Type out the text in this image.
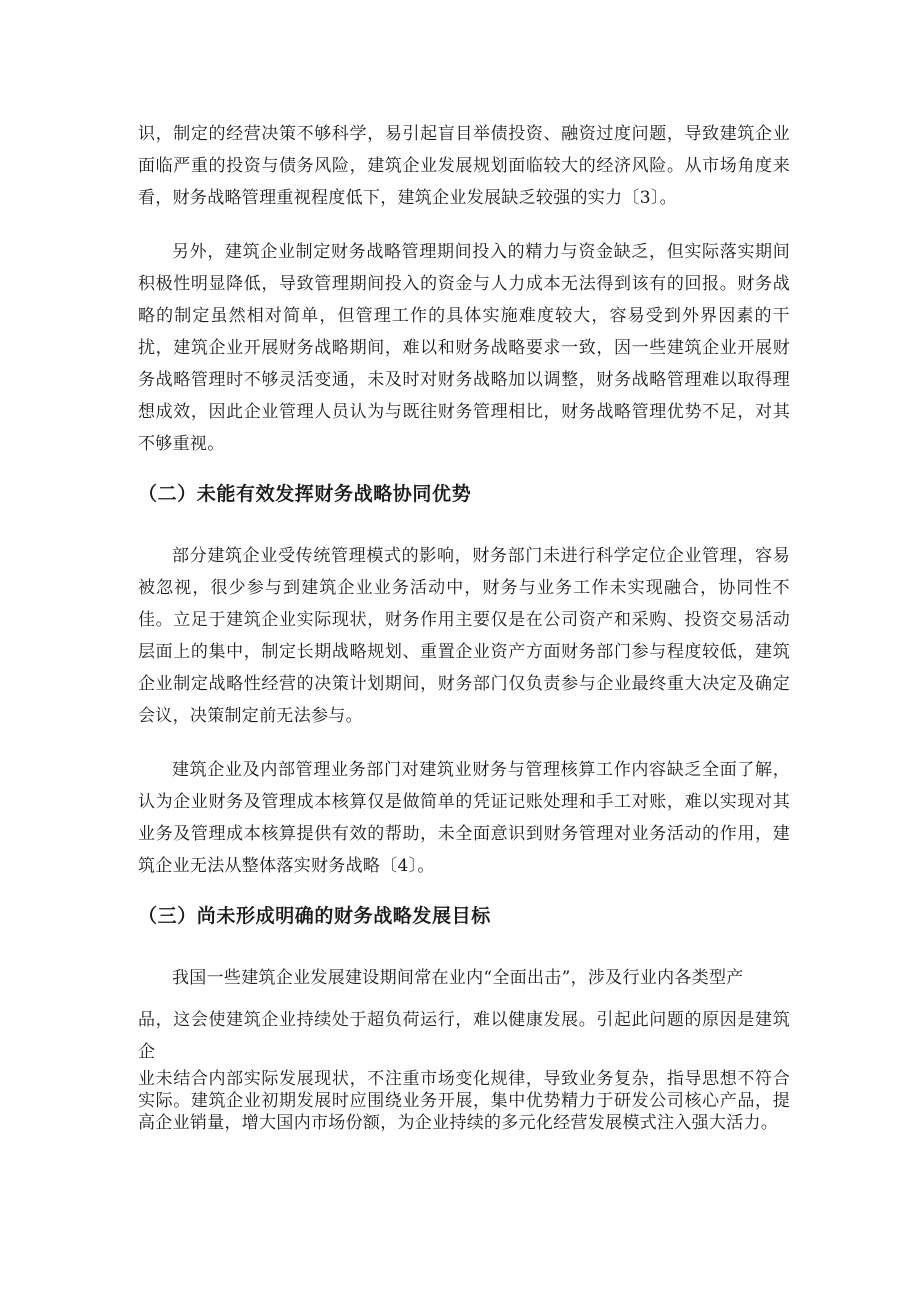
识，制定的经营决策不够科学，易引起盲目举债投资、融资过度问题，导致建筑企业面临严重的投资与债务风险，建筑企业发展规划面临较大的经济风险。从市场角度来看，财务战略管理重视程度低下，建筑企业发展缺乏较强的实力〔3〕。

另外，建筑企业制定财务战略管理期间投入的精力与资金缺乏，但实际落实期间积极性明显降低，导致管理期间投入的资金与人力成本无法得到该有的回报。财务战略的制定虽然相对简单，但管理工作的具体实施难度较大，容易受到外界因素的干扰，建筑企业开展财务战略期间，难以和财务战略要求一致，因一些建筑企业开展财务战略管理时不够灵活变通，未及时对财务战略加以调整，财务战略管理难以取得理想成效，因此企业管理人员认为与既往财务管理相比，财务战略管理优势不足，对其不够重视。

（二）未能有效发挥财务战略协同优势

部分建筑企业受传统管理模式的影响，财务部门未进行科学定位企业管理，容易被忽视，很少参与到建筑企业业务活动中，财务与业务工作未实现融合，协同性不佳。立足于建筑企业实际现状，财务作用主要仅是在公司资产和采购、投资交易活动层面上的集中，制定长期战略规划、重置企业资产方面财务部门参与程度较低，建筑企业制定战略性经营的决策计划期间，财务部门仅负责参与企业最终重大决定及确定会议，决策制定前无法参与。

建筑企业及内部管理业务部门对建筑业财务与管理核算工作内容缺乏全面了解，认为企业财务及管理成本核算仅是做简单的凭证记账处理和手工对账，难以实现对其业务及管理成本核算提供有效的帮助，未全面意识到财务管理对业务活动的作用，建筑企业无法从整体落实财务战略〔4〕。

（三）尚未形成明确的财务战略发展目标

我国一些建筑企业发展建设期间常在业内“全面出击”，涉及行业内各类型产

品，这会使建筑企业持续处于超负荷运行，难以健康发展。引起此问题的原因是建筑企

业未结合内部实际发展现状，不注重市场变化规律，导致业务复杂，指导思想不符合实际。建筑企业初期发展时应围绕业务开展，集中优势精力于研发公司核心产品，提高企业销量，增大国内市场份额，为企业持续的多元化经营发展模式注入强大活力。
